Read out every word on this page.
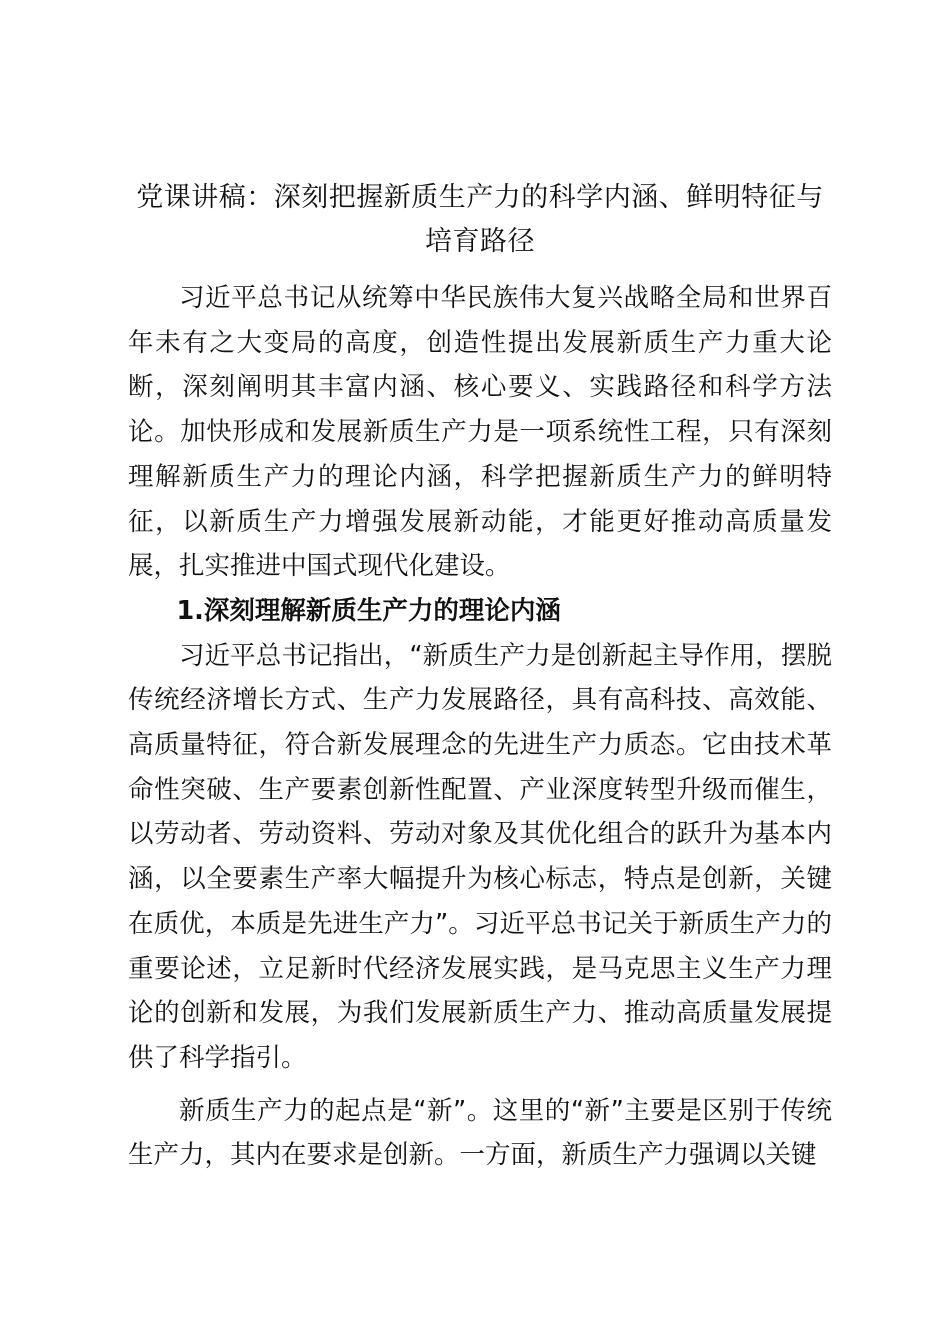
党课讲稿：深刻把握新质生产力的科学内涵、鲜明特征与培育路径

习近平总书记从统筹中华民族伟大复兴战略全局和世界百年未有之大变局的高度，创造性提出发展新质生产力重大论断，深刻阐明其丰富内涵、核心要义、实践路径和科学方法论。加快形成和发展新质生产力是一项系统性工程，只有深刻理解新质生产力的理论内涵，科学把握新质生产力的鲜明特征，以新质生产力增强发展新动能，才能更好推动高质量发展，扎实推进中国式现代化建设。

1.深刻理解新质生产力的理论内涵

习近平总书记指出，“新质生产力是创新起主导作用，摆脱传统经济增长方式、生产力发展路径，具有高科技、高效能、高质量特征，符合新发展理念的先进生产力质态。它由技术革命性突破、生产要素创新性配置、产业深度转型升级而催生，以劳动者、劳动资料、劳动对象及其优化组合的跃升为基本内涵，以全要素生产率大幅提升为核心标志，特点是创新，关键在质优，本质是先进生产力”。习近平总书记关于新质生产力的重要论述，立足新时代经济发展实践，是马克思主义生产力理论的创新和发展，为我们发展新质生产力、推动高质量发展提供了科学指引。

新质生产力的起点是“新”。这里的“新”主要是区别于传统生产力，其内在要求是创新。一方面，新质生产力强调以关键
